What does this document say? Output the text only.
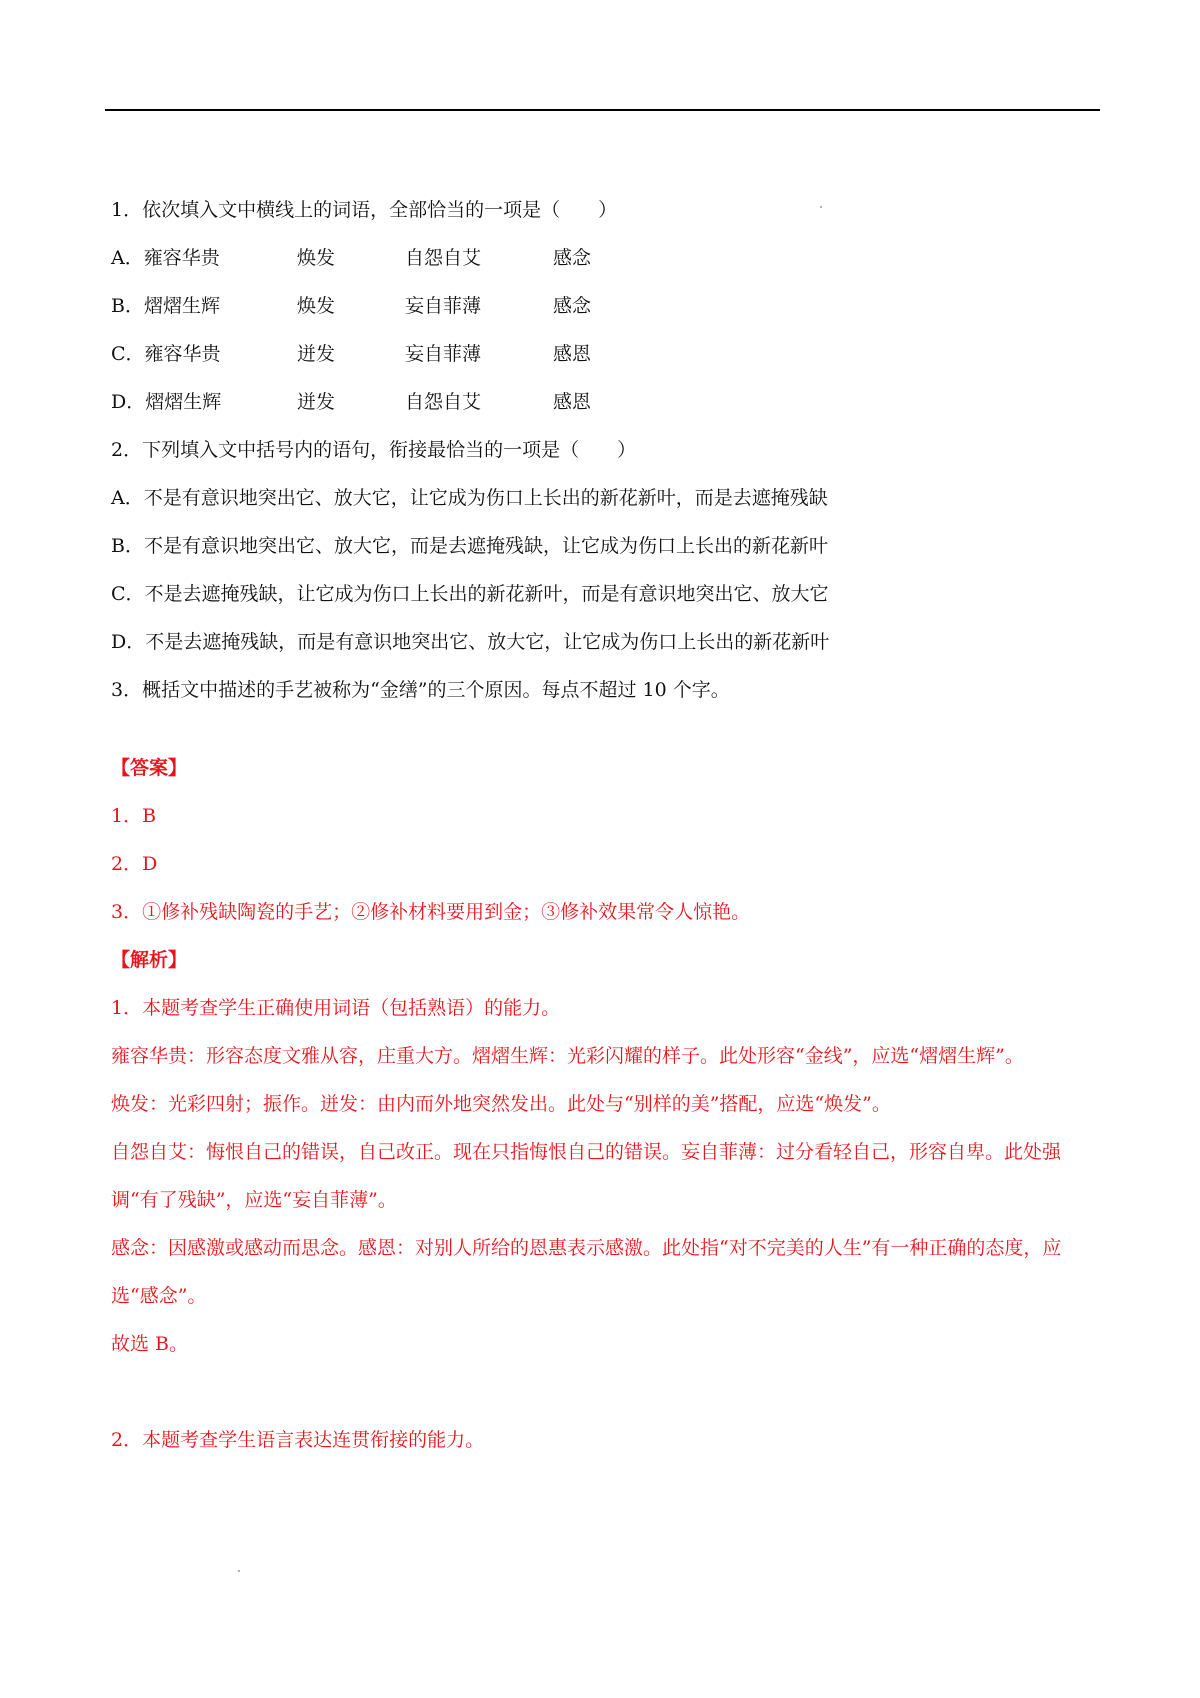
1．依次填入文中横线上的词语，全部恰当的一项是（　　）
A．雍容华贵	焕发	自怨自艾	感念
B．熠熠生辉	焕发	妄自菲薄	感念
C．雍容华贵	迸发	妄自菲薄	感恩
D．熠熠生辉	迸发	自怨自艾	感恩
2．下列填入文中括号内的语句，衔接最恰当的一项是（　　）
A．不是有意识地突出它、放大它，让它成为伤口上长出的新花新叶，而是去遮掩残缺
B．不是有意识地突出它、放大它，而是去遮掩残缺，让它成为伤口上长出的新花新叶
C．不是去遮掩残缺，让它成为伤口上长出的新花新叶，而是有意识地突出它、放大它
D．不是去遮掩残缺，而是有意识地突出它、放大它，让它成为伤口上长出的新花新叶
3．概括文中描述的手艺被称为“金缮”的三个原因。每点不超过 10 个字。
【答案】
1．B
2．D
3．①修补残缺陶瓷的手艺；②修补材料要用到金；③修补效果常令人惊艳。
【解析】
1．本题考查学生正确使用词语（包括熟语）的能力。
雍容华贵：形容态度文雅从容，庄重大方。熠熠生辉：光彩闪耀的样子。此处形容“金线”，应选“熠熠生辉”。
焕发：光彩四射；振作。迸发：由内而外地突然发出。此处与“别样的美”搭配，应选“焕发”。
自怨自艾：悔恨自己的错误，自己改正。现在只指悔恨自己的错误。妄自菲薄：过分看轻自己，形容自卑。此处强调“有了残缺”，应选“妄自菲薄”。
感念：因感激或感动而思念。感恩：对别人所给的恩惠表示感激。此处指“对不完美的人生”有一种正确的态度，应选“感念”。
故选 B。
2．本题考查学生语言表达连贯衔接的能力。
